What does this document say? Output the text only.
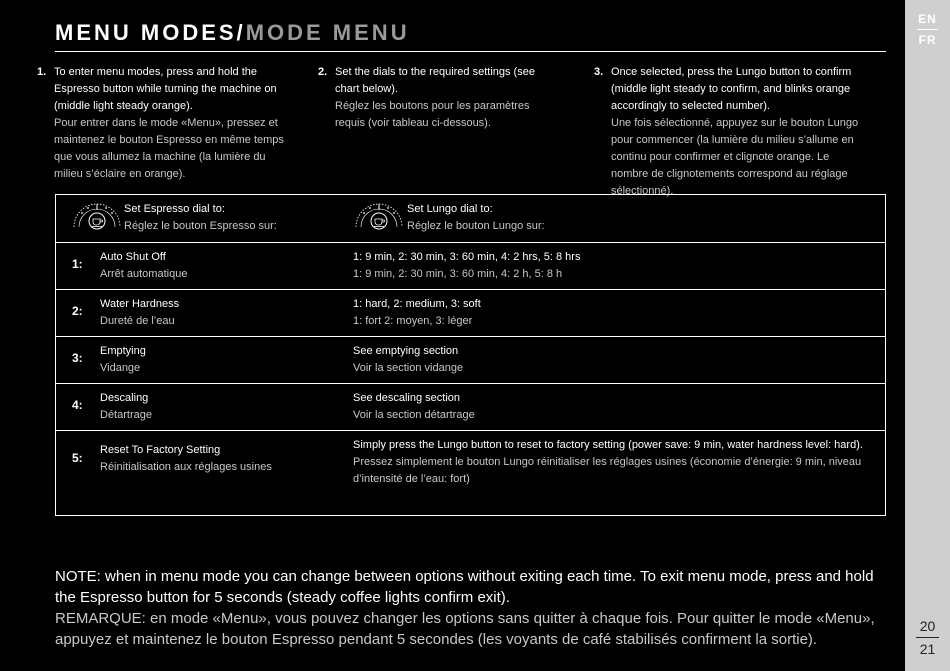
EN
FR
20
21
MENU MODES/MODE MENU
1. To enter menu modes, press and hold the Espresso button while turning the machine on (middle light steady orange).
Pour entrer dans le mode «Menu», pressez et maintenez le bouton Espresso en même temps que vous allumez la machine (la lumière du milieu s’éclaire en orange).
2. Set the dials to the required settings (see chart below).
Réglez les boutons pour les paramètres requis (voir tableau ci-dessous).
3. Once selected, press the Lungo button to confirm (middle light steady to confirm, and blinks orange accordingly to selected number).
Une fois sélectionné, appuyez sur le bouton Lungo pour commencer (la lumière du milieu s’allume en continu pour confirmer et clignote orange. Le nombre de clignotements correspond au réglage sélectionné).
Set Espresso dial to:
Réglez le bouton Espresso sur:
Set Lungo dial to:
Réglez le bouton Lungo sur:
1: Auto Shut Off
Arrêt automatique
1: 9 min, 2: 30 min, 3: 60 min, 4: 2 hrs, 5: 8 hrs
1: 9 min, 2: 30 min, 3: 60 min, 4: 2 h, 5: 8 h
2: Water Hardness
Dureté de l’eau
1: hard, 2: medium, 3: soft
1: fort 2: moyen, 3: léger
3: Emptying
Vidange
See emptying section
Voir la section vidange
4: Descaling
Détartrage
See descaling section
Voir la section détartrage
5:
Reset To Factory Setting
Réinitialisation aux réglages usines
Simply press the Lungo button to reset to factory setting (power save: 9 min, water hardness level: hard).
Pressez simplement le bouton Lungo réinitialiser les réglages usines (économie d’énergie: 9 min, niveau d’intensité de l’eau: fort)
NOTE: when in menu mode you can change between options without exiting each time. To exit menu mode, press and hold the Espresso button for 5 seconds (steady coffee lights confirm exit).
REMARQUE: en mode «Menu», vous pouvez changer les options sans quitter à chaque fois. Pour quitter le mode «Menu», appuyez et maintenez le bouton Espresso pendant 5 secondes (les voyants de café stabilisés confirment la sortie).
